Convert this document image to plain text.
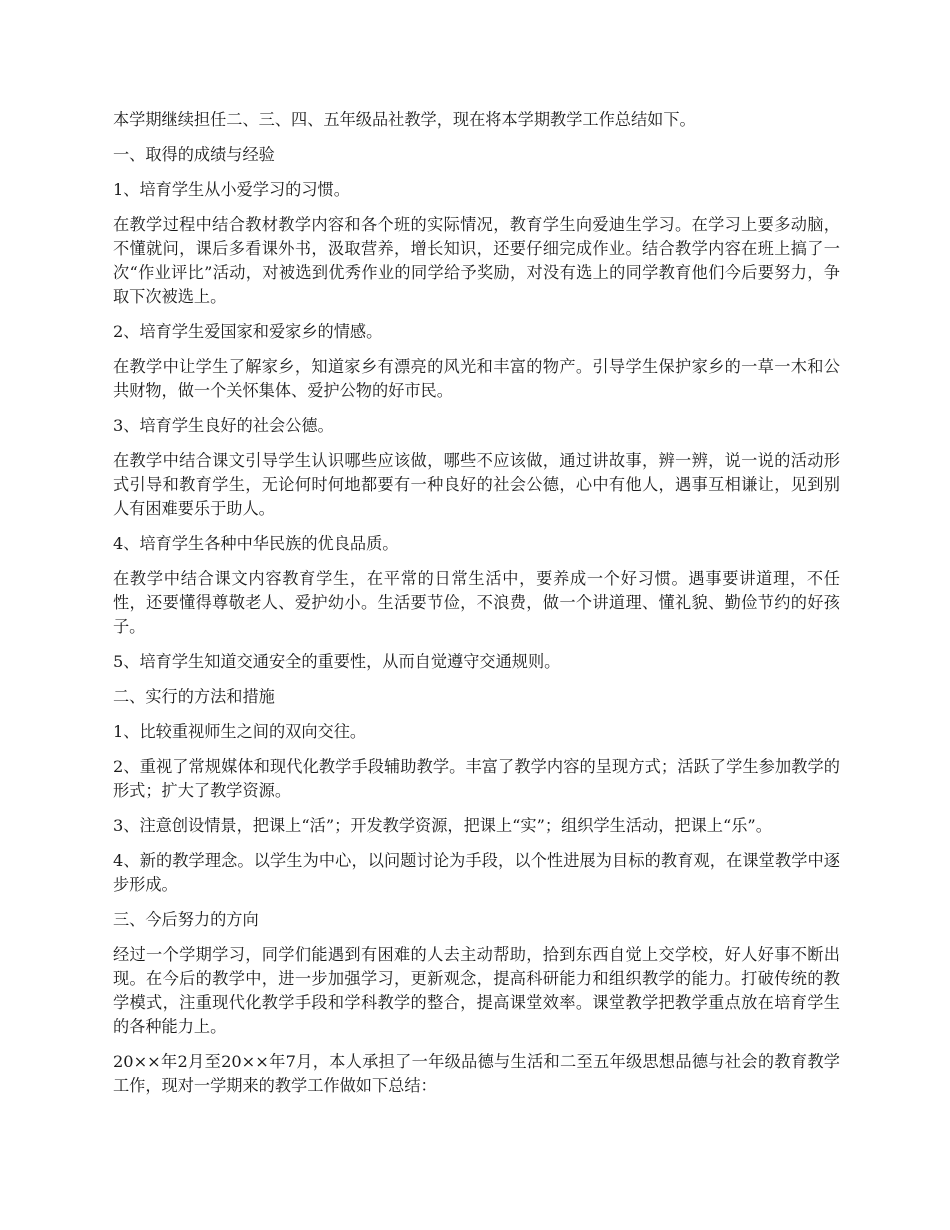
本学期继续担任二、三、四、五年级品社教学，现在将本学期教学工作总结如下。

一、取得的成绩与经验

1、培育学生从小爱学习的习惯。

在教学过程中结合教材教学内容和各个班的实际情况，教育学生向爱迪生学习。在学习上要多动脑，不懂就问，课后多看课外书，汲取营养，增长知识，还要仔细完成作业。结合教学内容在班上搞了一次“作业评比”活动，对被选到优秀作业的同学给予奖励，对没有选上的同学教育他们今后要努力，争取下次被选上。

2、培育学生爱国家和爱家乡的情感。

在教学中让学生了解家乡，知道家乡有漂亮的风光和丰富的物产。引导学生保护家乡的一草一木和公共财物，做一个关怀集体、爱护公物的好市民。

3、培育学生良好的社会公德。

在教学中结合课文引导学生认识哪些应该做，哪些不应该做，通过讲故事，辨一辨，说一说的活动形式引导和教育学生，无论何时何地都要有一种良好的社会公德，心中有他人，遇事互相谦让，见到别人有困难要乐于助人。

4、培育学生各种中华民族的优良品质。

在教学中结合课文内容教育学生，在平常的日常生活中，要养成一个好习惯。遇事要讲道理，不任性，还要懂得尊敬老人、爱护幼小。生活要节俭，不浪费，做一个讲道理、懂礼貌、勤俭节约的好孩子。

5、培育学生知道交通安全的重要性，从而自觉遵守交通规则。

二、实行的方法和措施

1、比较重视师生之间的双向交往。

2、重视了常规媒体和现代化教学手段辅助教学。丰富了教学内容的呈现方式；活跃了学生参加教学的形式；扩大了教学资源。

3、注意创设情景，把课上“活”；开发教学资源，把课上“实”；组织学生活动，把课上“乐”。

4、新的教学理念。以学生为中心，以问题讨论为手段，以个性进展为目标的教育观，在课堂教学中逐步形成。

三、今后努力的方向

经过一个学期学习，同学们能遇到有困难的人去主动帮助，拾到东西自觉上交学校，好人好事不断出现。在今后的教学中，进一步加强学习，更新观念，提高科研能力和组织教学的能力。打破传统的教学模式，注重现代化教学手段和学科教学的整合，提高课堂效率。课堂教学把教学重点放在培育学生的各种能力上。

20××年2月至20××年7月，本人承担了一年级品德与生活和二至五年级思想品德与社会的教育教学工作，现对一学期来的教学工作做如下总结：
